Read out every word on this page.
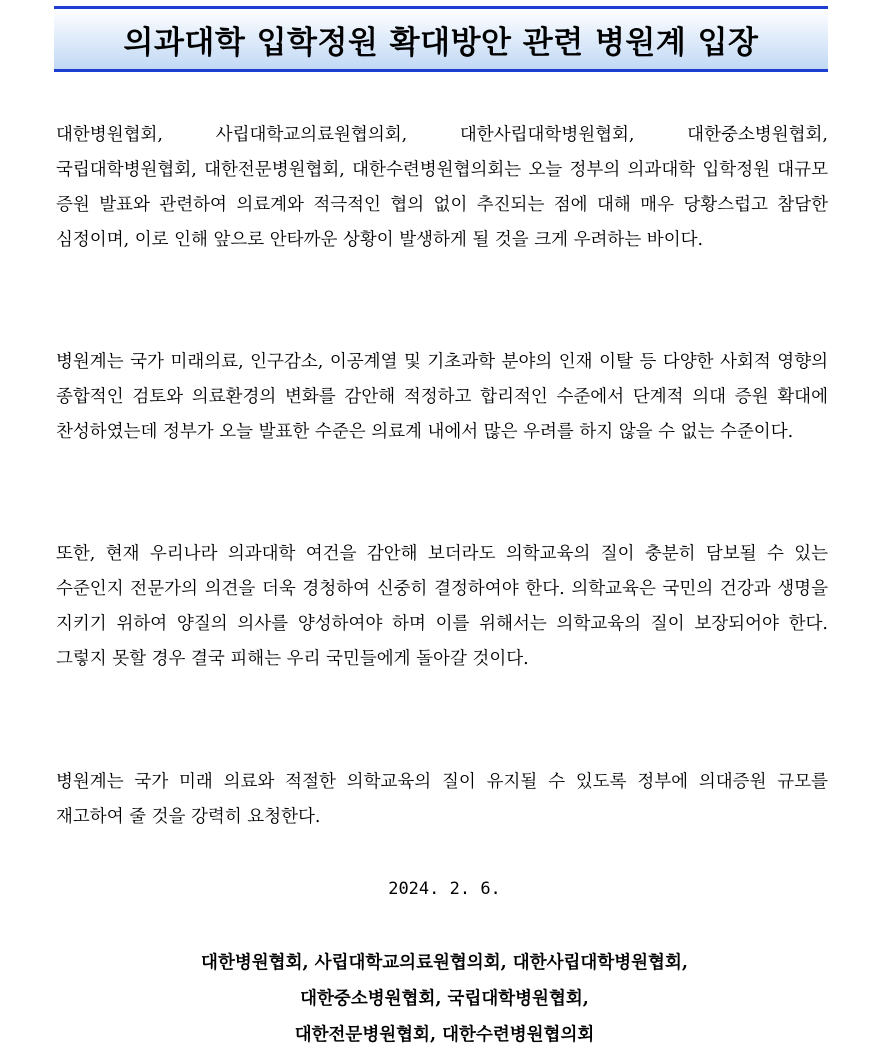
의과대학 입학정원 확대방안 관련 병원계 입장

대한병원협회, 사립대학교의료원협의회, 대한사립대학병원협회, 대한중소병원협회, 국립대학병원협회, 대한전문병원협회, 대한수련병원협의회는 오늘 정부의 의과대학 입학정원 대규모 증원 발표와 관련하여 의료계와 적극적인 협의 없이 추진되는 점에 대해 매우 당황스럽고 참담한 심정이며, 이로 인해 앞으로 안타까운 상황이 발생하게 될 것을 크게 우려하는 바이다.

병원계는 국가 미래의료, 인구감소, 이공계열 및 기초과학 분야의 인재 이탈 등 다양한 사회적 영향의 종합적인 검토와 의료환경의 변화를 감안해 적정하고 합리적인 수준에서 단계적 의대 증원 확대에 찬성하였는데 정부가 오늘 발표한 수준은 의료계 내에서 많은 우려를 하지 않을 수 없는 수준이다.

또한, 현재 우리나라 의과대학 여건을 감안해 보더라도 의학교육의 질이 충분히 담보될 수 있는 수준인지 전문가의 의견을 더욱 경청하여 신중히 결정하여야 한다. 의학교육은 국민의 건강과 생명을 지키기 위하여 양질의 의사를 양성하여야 하며 이를 위해서는 의학교육의 질이 보장되어야 한다. 그렇지 못할 경우 결국 피해는 우리 국민들에게 돌아갈 것이다.

병원계는 국가 미래 의료와 적절한 의학교육의 질이 유지될 수 있도록 정부에 의대증원 규모를 재고하여 줄 것을 강력히 요청한다.

2024. 2. 6.
대한병원협회, 사립대학교의료원협의회, 대한사립대학병원협회,
대한중소병원협회, 국립대학병원협회,
대한전문병원협회, 대한수련병원협의회
